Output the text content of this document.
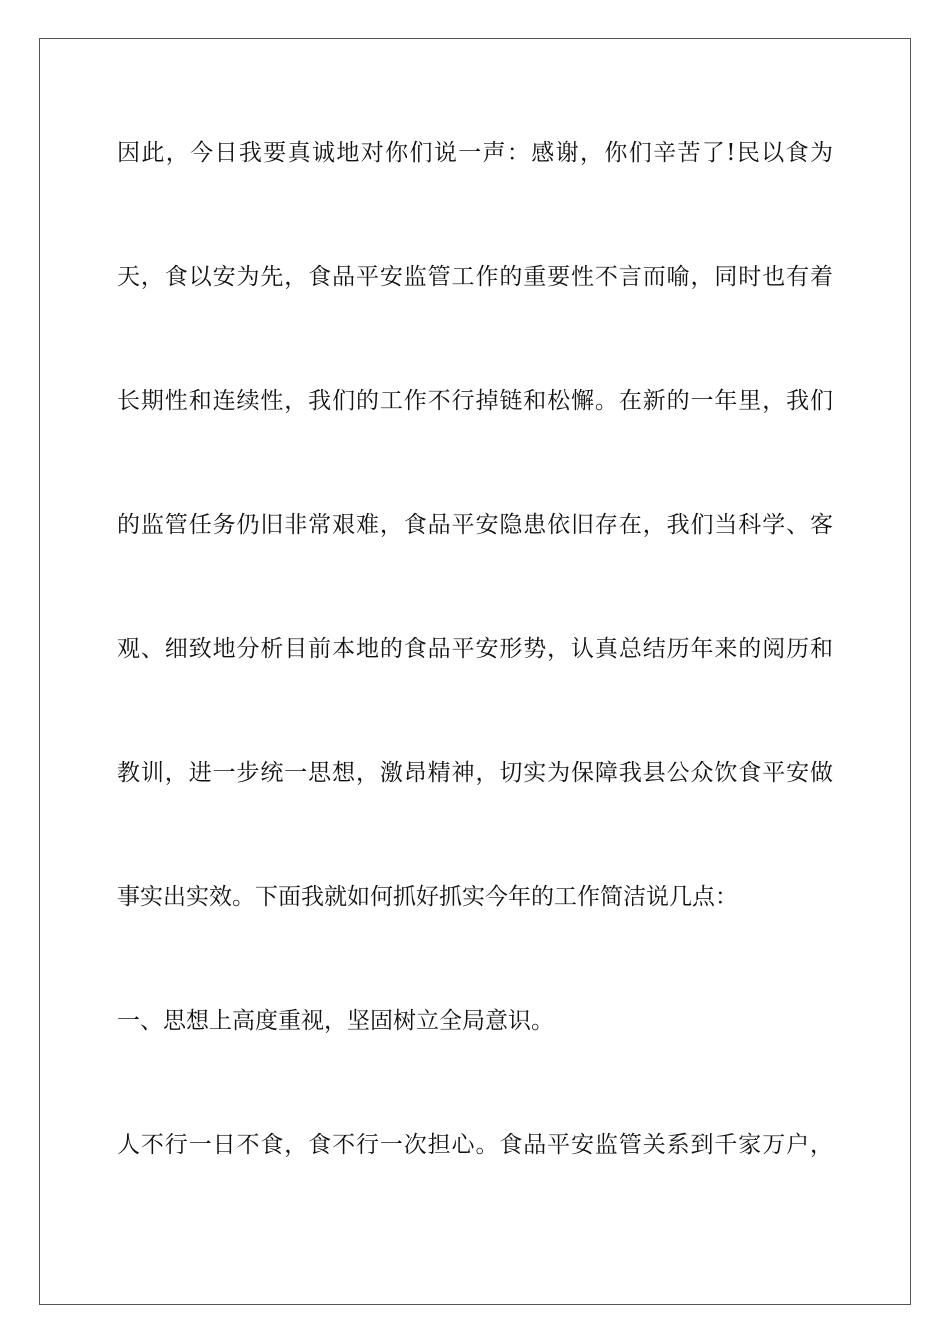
因此，今日我要真诚地对你们说一声：感谢，你们辛苦了!民以食为
天，食以安为先，食品平安监管工作的重要性不言而喻，同时也有着
长期性和连续性，我们的工作不行掉链和松懈。在新的一年里，我们
的监管任务仍旧非常艰难，食品平安隐患依旧存在，我们当科学、客
观、细致地分析目前本地的食品平安形势，认真总结历年来的阅历和
教训，进一步统一思想，激昂精神，切实为保障我县公众饮食平安做
事实出实效。下面我就如何抓好抓实今年的工作简洁说几点：
一、思想上高度重视，坚固树立全局意识。
人不行一日不食，食不行一次担心。食品平安监管关系到千家万户，
